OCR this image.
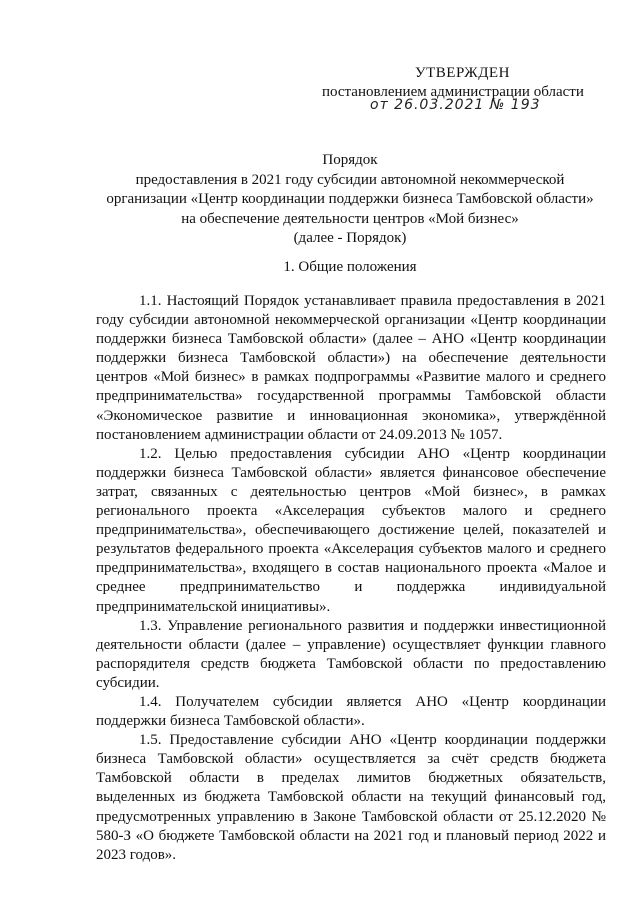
УТВЕРЖДЕН
постановлением администрации области
от 26.03.2021 № 193
Порядок
предоставления в 2021 году субсидии автономной некоммерческой
организации «Центр координации поддержки бизнеса Тамбовской области»
на обеспечение деятельности центров «Мой бизнес»
(далее - Порядок)
1. Общие положения

1.1. Настоящий Порядок устанавливает правила предоставления в 2021 году субсидии автономной некоммерческой организации «Центр координации поддержки бизнеса Тамбовской области» (далее – АНО «Центр координации поддержки бизнеса Тамбовской области») на обеспечение деятельности центров «Мой бизнес» в рамках подпрограммы «Развитие малого и среднего предпринимательства» государственной программы Тамбовской области «Экономическое развитие и инновационная экономика», утверждённой постановлением администрации области от 24.09.2013 № 1057.

1.2. Целью предоставления субсидии АНО «Центр координации поддержки бизнеса Тамбовской области» является финансовое обеспечение затрат, связанных с деятельностью центров «Мой бизнес», в рамках регионального проекта «Акселерация субъектов малого и среднего предпринимательства», обеспечивающего достижение целей, показателей и результатов федерального проекта «Акселерация субъектов малого и среднего предпринимательства», входящего в состав национального проекта «Малое и среднее предпринимательство и поддержка индивидуальной предпринимательской инициативы».

1.3. Управление регионального развития и поддержки инвестиционной деятельности области (далее – управление) осуществляет функции главного распорядителя средств бюджета Тамбовской области по предоставлению субсидии.

1.4. Получателем субсидии является АНО «Центр координации поддержки бизнеса Тамбовской области».

1.5. Предоставление субсидии АНО «Центр координации поддержки бизнеса Тамбовской области» осуществляется за счёт средств бюджета Тамбовской области в пределах лимитов бюджетных обязательств, выделенных из бюджета Тамбовской области на текущий финансовый год, предусмотренных управлению в Законе Тамбовской области от 25.12.2020 № 580-З «О бюджете Тамбовской области на 2021 год и плановый период 2022 и 2023 годов».
